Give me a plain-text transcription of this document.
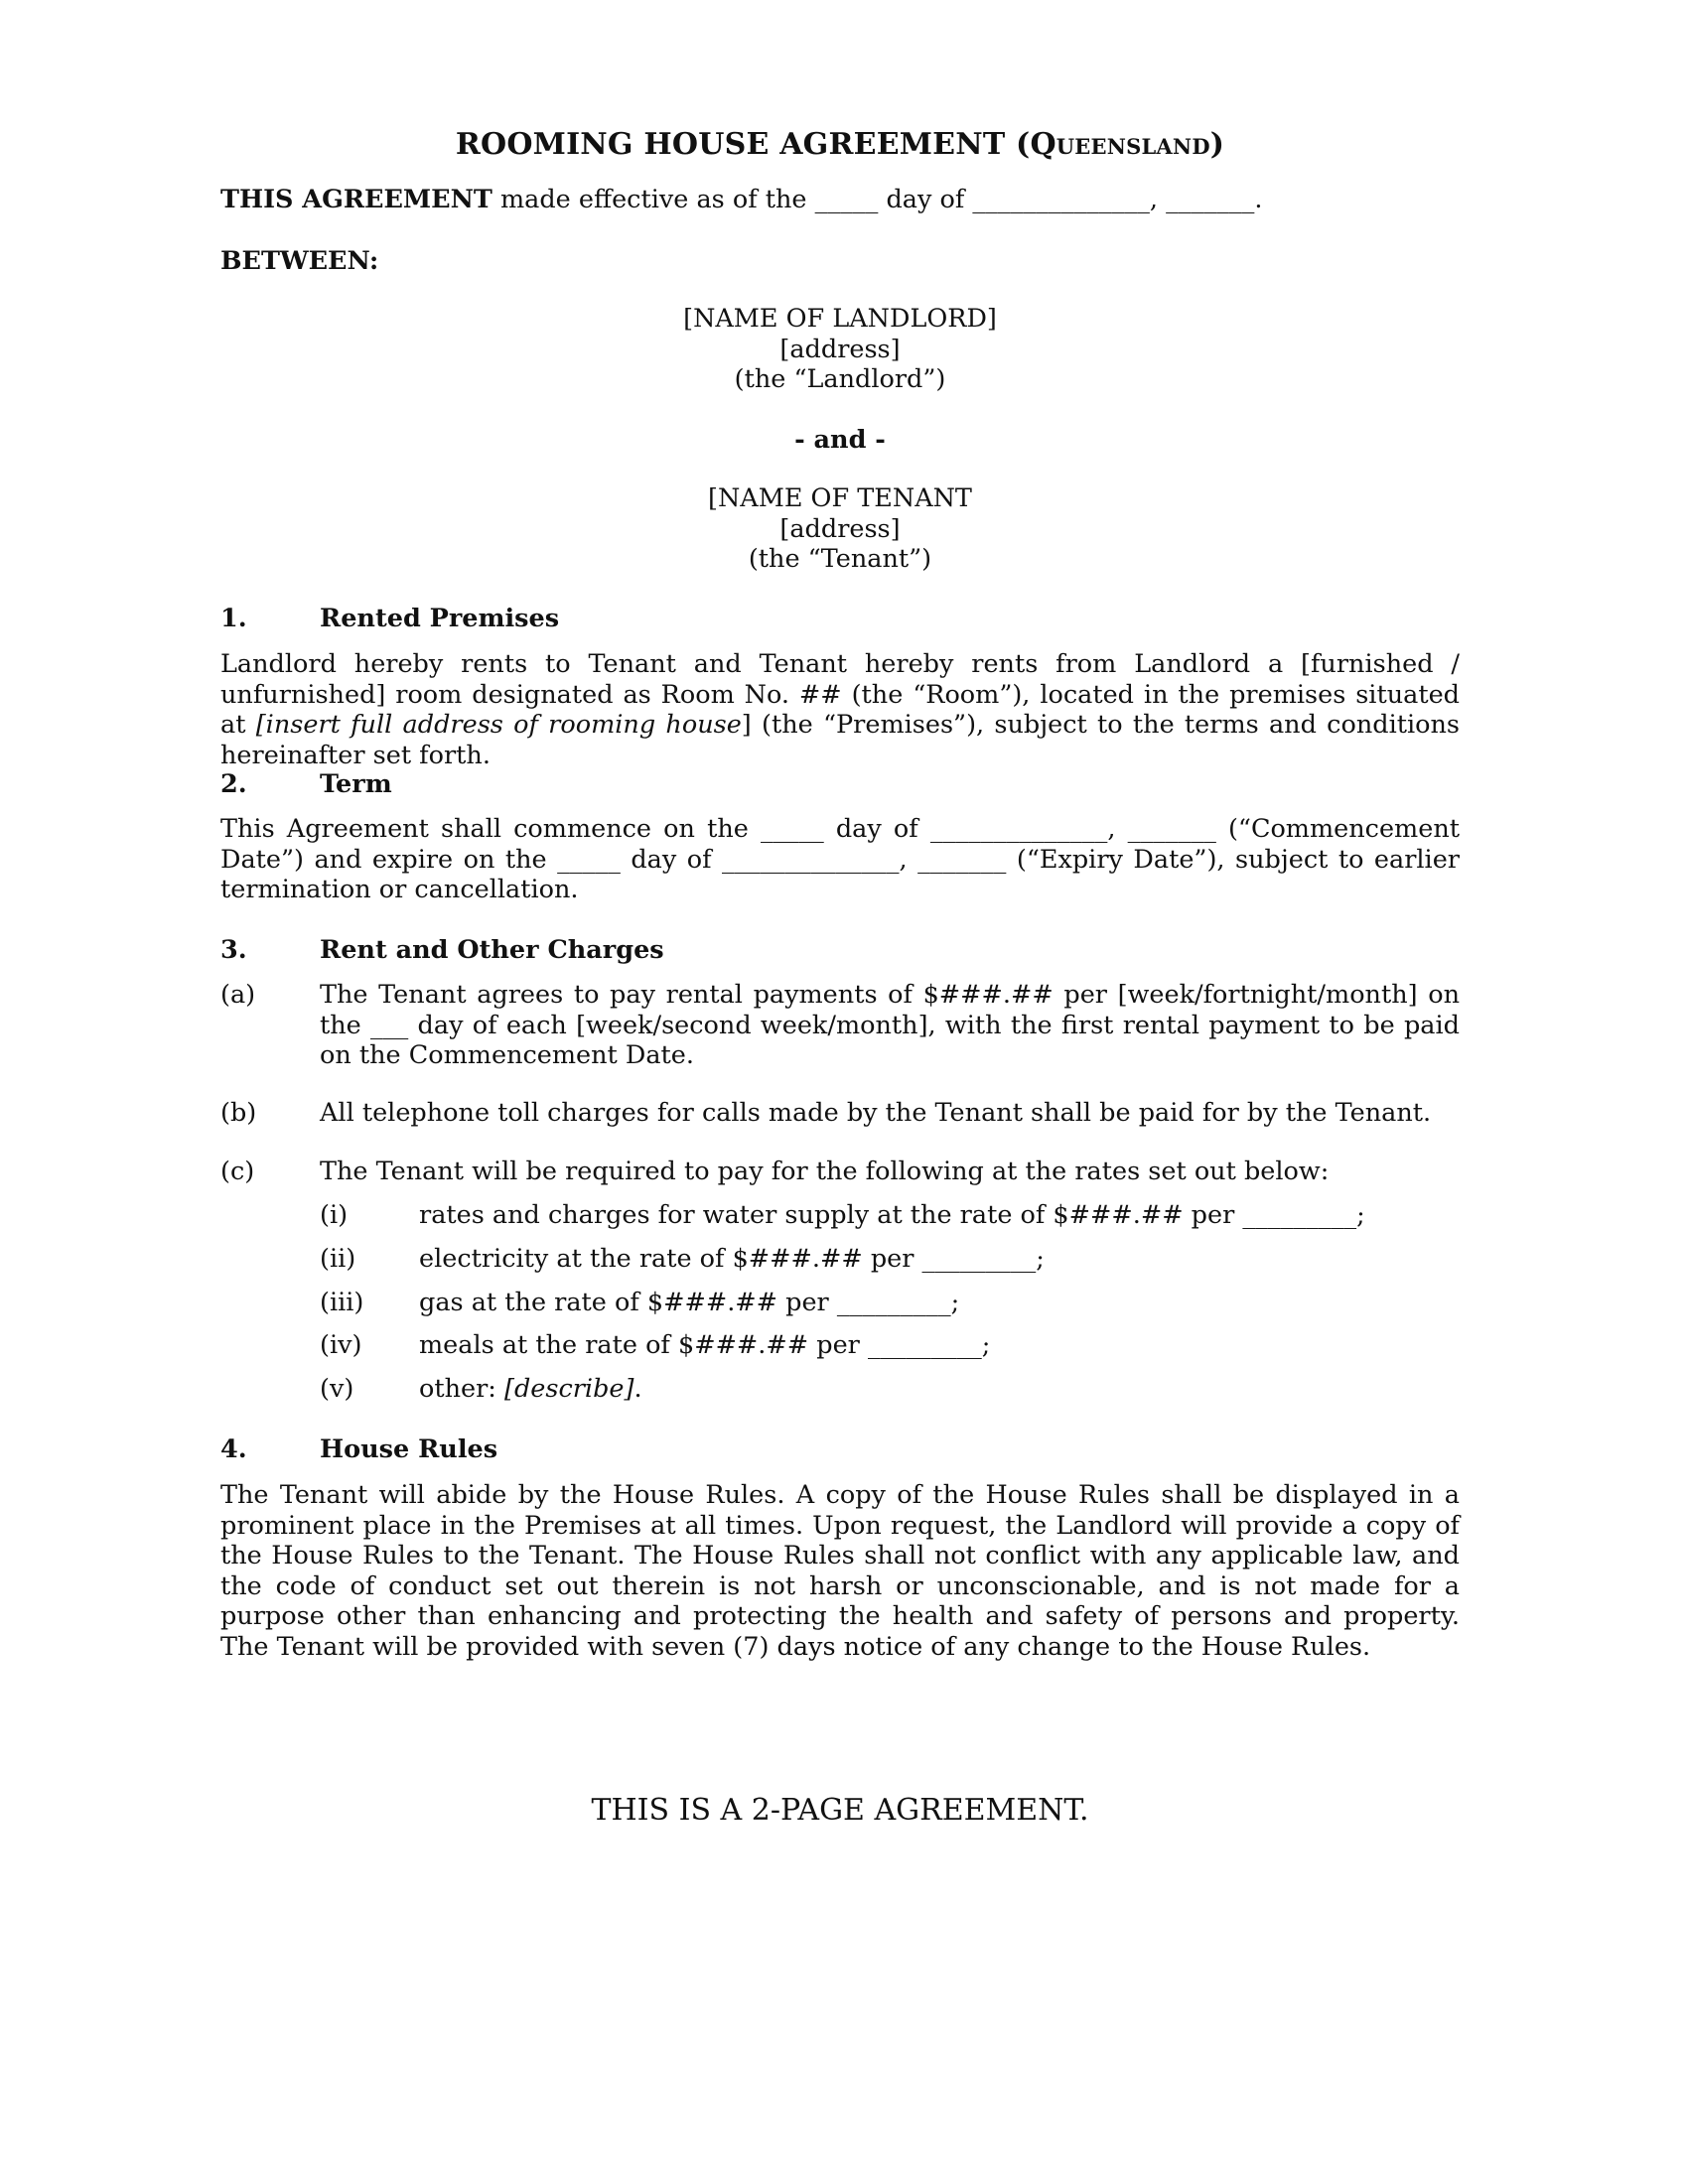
ROOMING HOUSE AGREEMENT (Queensland)
THIS AGREEMENT made effective as of the _____ day of ______________, _______.
BETWEEN:
[NAME OF LANDLORD]
[address]
(the “Landlord”)
- and -
[NAME OF TENANT
[address]
(the “Tenant”)
1.	Rented Premises
Landlord hereby rents to Tenant and Tenant hereby rents from Landlord a [furnished / unfurnished] room designated as Room No. ## (the “Room”), located in the premises situated at [insert full address of rooming house] (the “Premises”), subject to the terms and conditions hereinafter set forth.
2.	Term
This Agreement shall commence on the _____ day of ______________, _______ (“Commencement Date”) and expire on the _____ day of ______________, _______ (“Expiry Date”), subject to earlier termination or cancellation.
3.	Rent and Other Charges
(a)	The Tenant agrees to pay rental payments of $###.## per [week/fortnight/month] on the ___ day of each [week/second week/month], with the first rental payment to be paid on the Commencement Date.
(b)	All telephone toll charges for calls made by the Tenant shall be paid for by the Tenant.
(c)	The Tenant will be required to pay for the following at the rates set out below:
(i)	rates and charges for water supply at the rate of $###.## per _________;
(ii)	electricity at the rate of $###.## per _________;
(iii) gas at the rate of $###.## per _________;
(iv) meals at the rate of $###.## per _________;
(v)	other: [describe].
4.	House Rules
The Tenant will abide by the House Rules. A copy of the House Rules shall be displayed in a prominent place in the Premises at all times. Upon request, the Landlord will provide a copy of the House Rules to the Tenant. The House Rules shall not conflict with any applicable law, and the code of conduct set out therein is not harsh or unconscionable, and is not made for a purpose other than enhancing and protecting the health and safety of persons and property. The Tenant will be provided with seven (7) days notice of any change to the House Rules.
THIS IS A 2-PAGE AGREEMENT.
